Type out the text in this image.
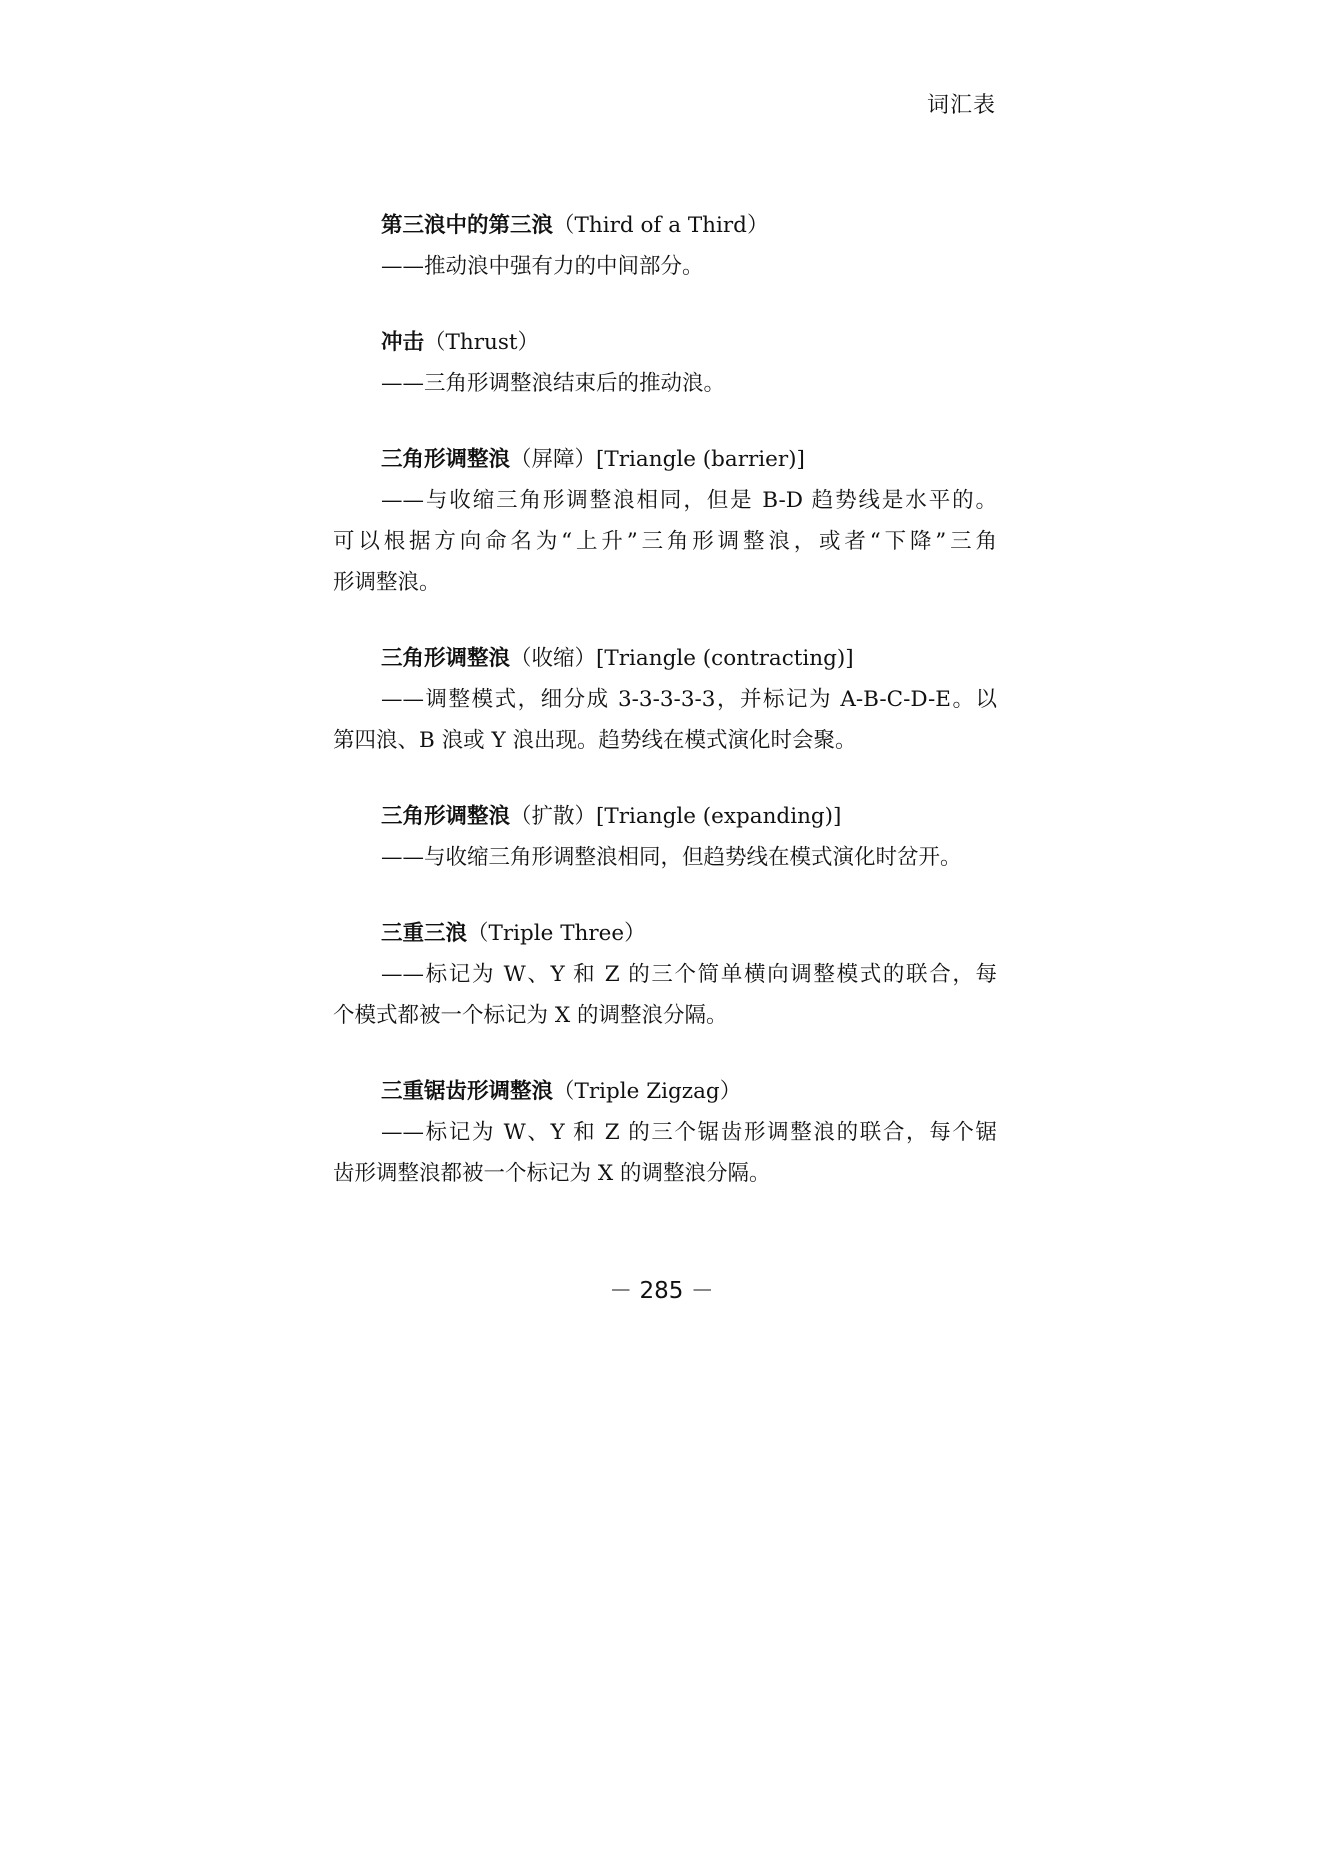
词汇表

第三浪中的第三浪（Third of a Third）

——推动浪中强有力的中间部分。

冲击（Thrust）

——三角形调整浪结束后的推动浪。

三角形调整浪（屏障）[Triangle (barrier)]

——与收缩三角形调整浪相同，但是 B-D 趋势线是水平的。
可以根据方向命名为“上升”三角形调整浪，或者“下降”三角
形调整浪。

三角形调整浪（收缩）[Triangle (contracting)]

——调整模式，细分成 3-3-3-3-3，并标记为 A-B-C-D-E。以
第四浪、B 浪或 Y 浪出现。趋势线在模式演化时会聚。

三角形调整浪（扩散）[Triangle (expanding)]

——与收缩三角形调整浪相同，但趋势线在模式演化时岔开。

三重三浪（Triple Three）

——标记为 W、Y 和 Z 的三个简单横向调整模式的联合，每
个模式都被一个标记为 X 的调整浪分隔。

三重锯齿形调整浪（Triple Zigzag）

——标记为 W、Y 和 Z 的三个锯齿形调整浪的联合，每个锯
齿形调整浪都被一个标记为 X 的调整浪分隔。
－ 285 －
